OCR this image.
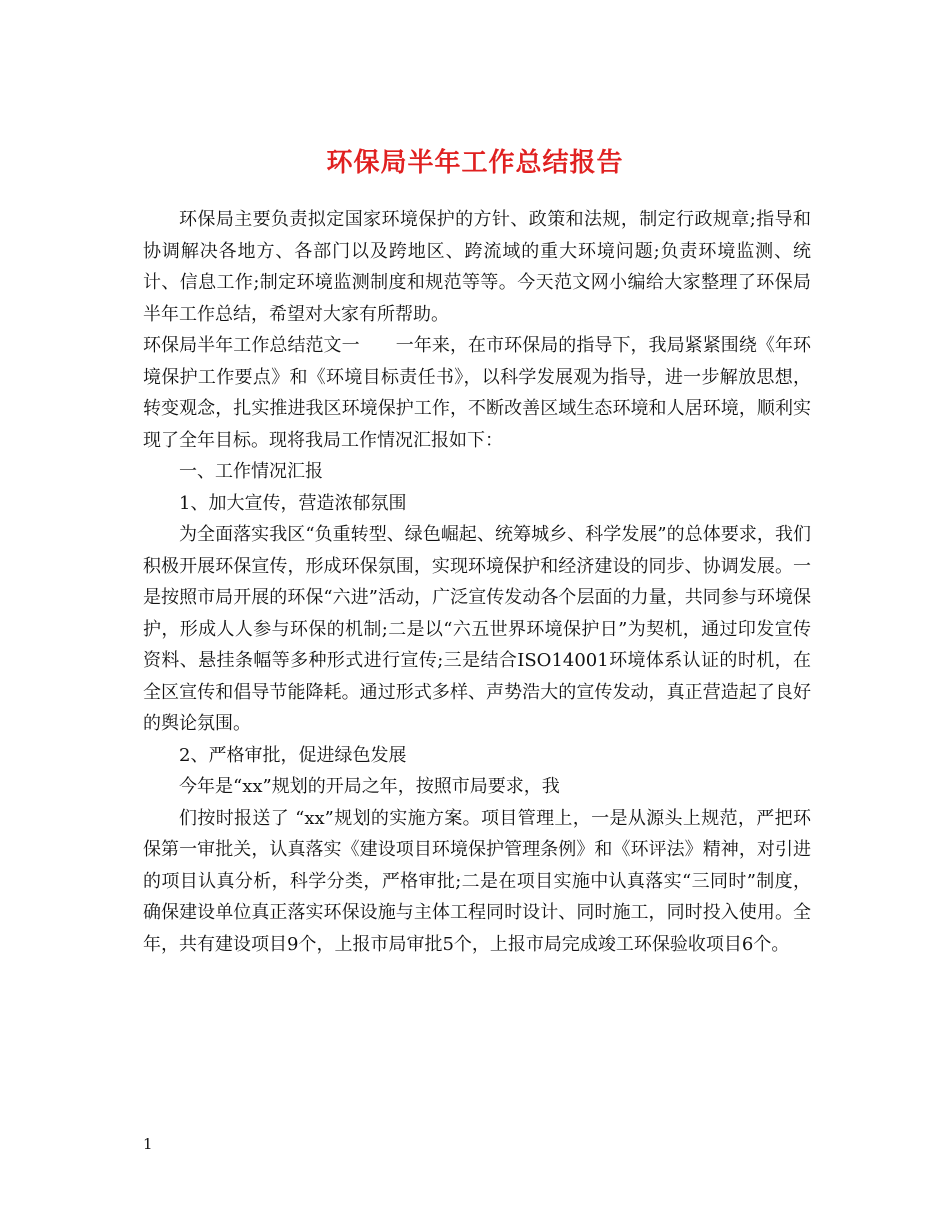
环保局半年工作总结报告

环保局主要负责拟定国家环境保护的方针、政策和法规，制定行政规章;指导和协调解决各地方、各部门以及跨地区、跨流域的重大环境问题;负责环境监测、统计、信息工作;制定环境监测制度和规范等等。今天范文网小编给大家整理了环保局半年工作总结，希望对大家有所帮助。

环保局半年工作总结范文一　　一年来，在市环保局的指导下，我局紧紧围绕《年环境保护工作要点》和《环境目标责任书》，以科学发展观为指导，进一步解放思想，转变观念，扎实推进我区环境保护工作，不断改善区域生态环境和人居环境，顺利实现了全年目标。现将我局工作情况汇报如下：

一、工作情况汇报

1、加大宣传，营造浓郁氛围

为全面落实我区“负重转型、绿色崛起、统筹城乡、科学发展”的总体要求，我们积极开展环保宣传，形成环保氛围，实现环境保护和经济建设的同步、协调发展。一是按照市局开展的环保“六进”活动，广泛宣传发动各个层面的力量，共同参与环境保护，形成人人参与环保的机制;二是以“六五世界环境保护日”为契机，通过印发宣传资料、悬挂条幅等多种形式进行宣传;三是结合ISO14001环境体系认证的时机，在全区宣传和倡导节能降耗。通过形式多样、声势浩大的宣传发动，真正营造起了良好的舆论氛围。

2、严格审批，促进绿色发展

今年是“xx”规划的开局之年，按照市局要求，我

们按时报送了 “xx”规划的实施方案。项目管理上，一是从源头上规范，严把环保第一审批关，认真落实《建设项目环境保护管理条例》和《环评法》精神，对引进的项目认真分析，科学分类，严格审批;二是在项目实施中认真落实“三同时”制度，确保建设单位真正落实环保设施与主体工程同时设计、同时施工，同时投入使用。全年，共有建设项目9个，上报市局审批5个，上报市局完成竣工环保验收项目6个。

1
